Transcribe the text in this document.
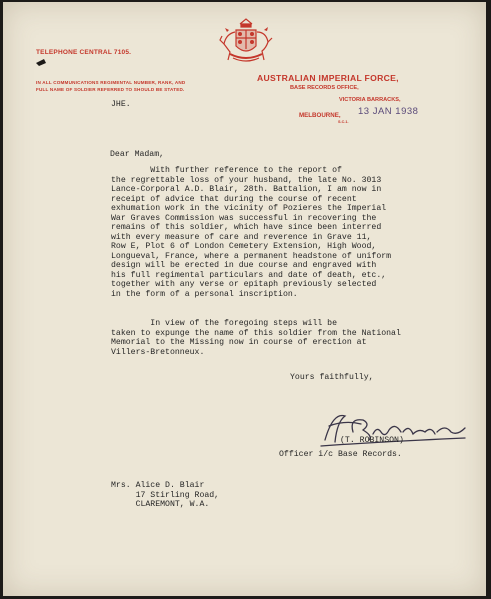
TELEPHONE CENTRAL 7105.
IN ALL COMMUNICATIONS REGIMENTAL NUMBER, RANK, AND FULL NAME OF SOLDIER REFERRED TO SHOULD BE STATED.
AUSTRALIAN IMPERIAL FORCE,
BASE RECORDS OFFICE,
VICTORIA BARRACKS,
MELBOURNE,
S.C.1.
13 JAN 1938
JHE.
Dear Madam,
With further reference to the report of
the regrettable loss of your husband, the late No. 3013
Lance-Corporal A.D. Blair, 28th. Battalion, I am now in
receipt of advice that during the course of recent
exhumation work in the vicinity of Pozieres the Imperial
War Graves Commission was successful in recovering the
remains of this soldier, which have since been interred
with every measure of care and reverence in Grave 11,
Row E, Plot 6 of London Cemetery Extension, High Wood,
Longueval, France, where a permanent headstone of uniform
design will be erected in due course and engraved with
his full regimental particulars and date of death, etc.,
together with any verse or epitaph previously selected
in the form of a personal inscription.
In view of the foregoing steps will be
taken to expunge the name of this soldier from the National
Memorial to the Missing now in course of erection at
Villers-Bretonneux.
Yours faithfully,
(T. ROBINSON)
Officer i/c Base Records.
Mrs. Alice D. Blair
17 Stirling Road,
CLAREMONT, W.A.
